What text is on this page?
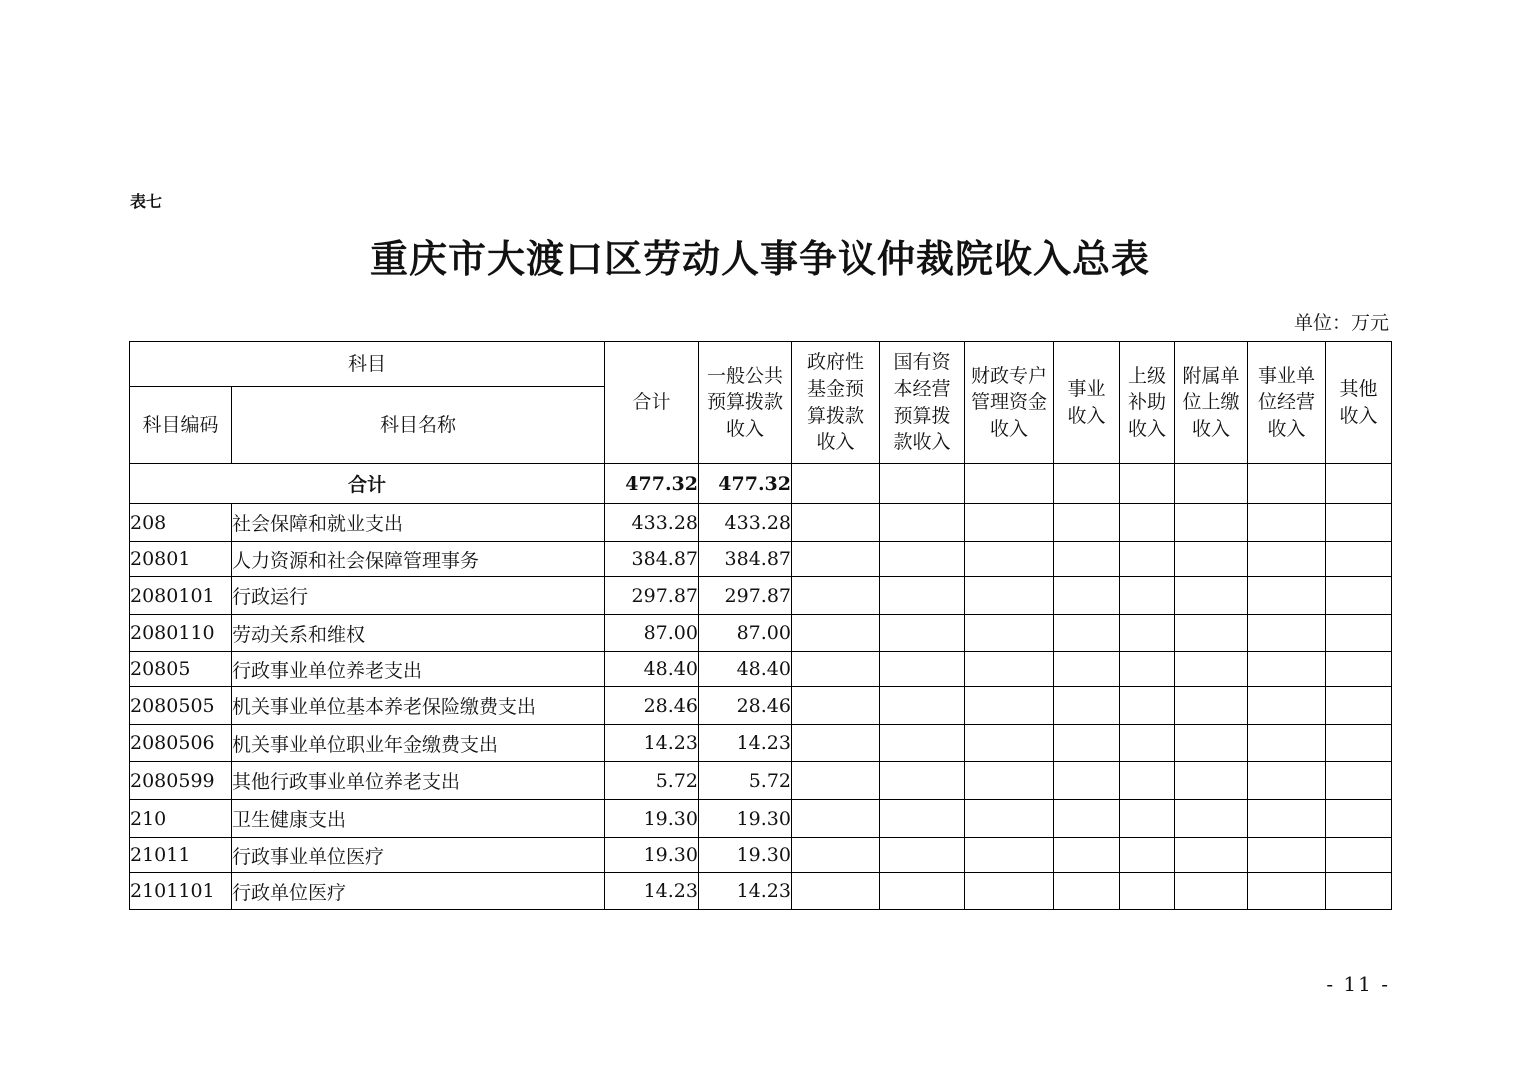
表七
重庆市大渡口区劳动人事争议仲裁院收入总表
单位：万元
科目		合计	一般公共
预算拨款
收入	政府性
基金预
算拨款
收入	国有资
本经营
预算拨
款收入	财政专户
管理资金
收入	事业
收入	上级
补助
收入	附属单
位上缴
收入	事业单
位经营
收入	其他
收入
科目编码	科目名称										
合计		477.32	477.32								
208	社会保障和就业支出	433.28	433.28								
20801	人力资源和社会保障管理事务	384.87	384.87								
2080101	行政运行	297.87	297.87								
2080110	劳动关系和维权	87.00	87.00								
20805	行政事业单位养老支出	48.40	48.40								
2080505	机关事业单位基本养老保险缴费支出	28.46	28.46								
2080506	机关事业单位职业年金缴费支出	14.23	14.23								
2080599	其他行政事业单位养老支出	5.72	5.72								
210	卫生健康支出	19.30	19.30								
21011	行政事业单位医疗	19.30	19.30								
2101101	行政单位医疗	14.23	14.23								
- 11 -
